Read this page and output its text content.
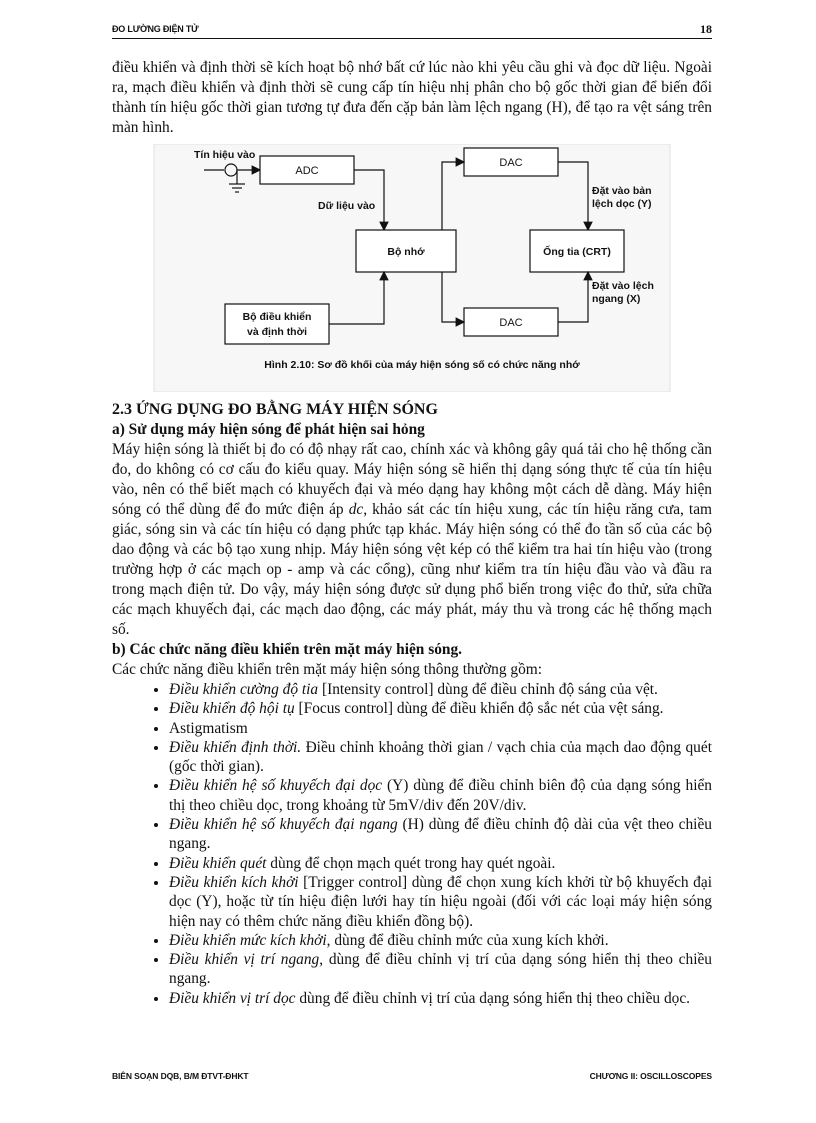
ĐO LƯỜNG ĐIỆN TỬ	18

điều khiển và định thời sẽ kích hoạt bộ nhớ bất cứ lúc nào khi yêu cầu ghi và đọc dữ liệu. Ngoài ra, mạch điều khiển và định thời sẽ cung cấp tín hiệu nhị phân cho bộ gốc thời gian để biến đổi thành tín hiệu gốc thời gian tương tự đưa đến cặp bản làm lệch ngang (H), để tạo ra vệt sáng trên màn hình.

Tín hiệu vào
ADC
Dữ liệu vào
DAC
Bộ nhớ
Đặt vào bản
lệch dọc (Y)
Ống tia (CRT)
Đặt vào lệch
ngang (X)
DAC
Bộ điều khiển
và định thời
Hình 2.10: Sơ đồ khối của máy hiện sóng số có chức năng nhớ
2.3 ỨNG DỤNG ĐO BẰNG MÁY HIỆN SÓNG
a) Sử dụng máy hiện sóng để phát hiện sai hỏng

Máy hiện sóng là thiết bị đo có độ nhạy rất cao, chính xác và không gây quá tải cho hệ thống cần đo, do không có cơ cấu đo kiểu quay. Máy hiện sóng sẽ hiển thị dạng sóng thực tế của tín hiệu vào, nên có thể biết mạch có khuyếch đại và méo dạng hay không một cách dễ dàng. Máy hiện sóng có thể dùng để đo mức điện áp dc, khảo sát các tín hiệu xung, các tín hiệu răng cưa, tam giác, sóng sin và các tín hiệu có dạng phức tạp khác. Máy hiện sóng có thể đo tần số của các bộ dao động và các bộ tạo xung nhịp. Máy hiện sóng vệt kép có thể kiểm tra hai tín hiệu vào (trong trường hợp ở các mạch op - amp và các cổng), cũng như kiểm tra tín hiệu đầu vào và đầu ra trong mạch điện tử. Do vậy, máy hiện sóng được sử dụng phổ biến trong việc đo thử, sửa chữa các mạch khuyếch đại, các mạch dao động, các máy phát, máy thu và trong các hệ thống mạch số.

b) Các chức năng điều khiển trên mặt máy hiện sóng.

Các chức năng điều khiển trên mặt máy hiện sóng thông thường gồm:

• Điều khiển cường độ tia [Intensity control] dùng để điều chỉnh độ sáng của vệt.
• Điều khiển độ hội tụ [Focus control] dùng để điều khiển độ sắc nét của vệt sáng.
• Astigmatism
• Điều khiển định thời. Điều chỉnh khoảng thời gian / vạch chia của mạch dao động quét (gốc thời gian).
• Điều khiển hệ số khuyếch đại dọc (Y) dùng để điều chỉnh biên độ của dạng sóng hiển thị theo chiều dọc, trong khoảng từ 5mV/div đến 20V/div.
• Điều khiển hệ số khuyếch đại ngang (H) dùng để điều chỉnh độ dài của vệt theo chiều ngang.
• Điều khiển quét dùng để chọn mạch quét trong hay quét ngoài.
• Điều khiển kích khởi [Trigger control] dùng để chọn xung kích khởi từ bộ khuyếch đại dọc (Y), hoặc từ tín hiệu điện lưới hay tín hiệu ngoài (đối với các loại máy hiện sóng hiện nay có thêm chức năng điều khiển đồng bộ).
• Điều khiển mức kích khởi, dùng để điều chỉnh mức của xung kích khởi.
• Điều khiển vị trí ngang, dùng để điều chỉnh vị trí của dạng sóng hiển thị theo chiều ngang.
• Điều khiển vị trí dọc dùng để điều chỉnh vị trí của dạng sóng hiển thị theo chiều dọc.
BIÊN SOẠN DQB, B/M ĐTVT-ĐHKT	CHƯƠNG II: OSCILLOSCOPES
